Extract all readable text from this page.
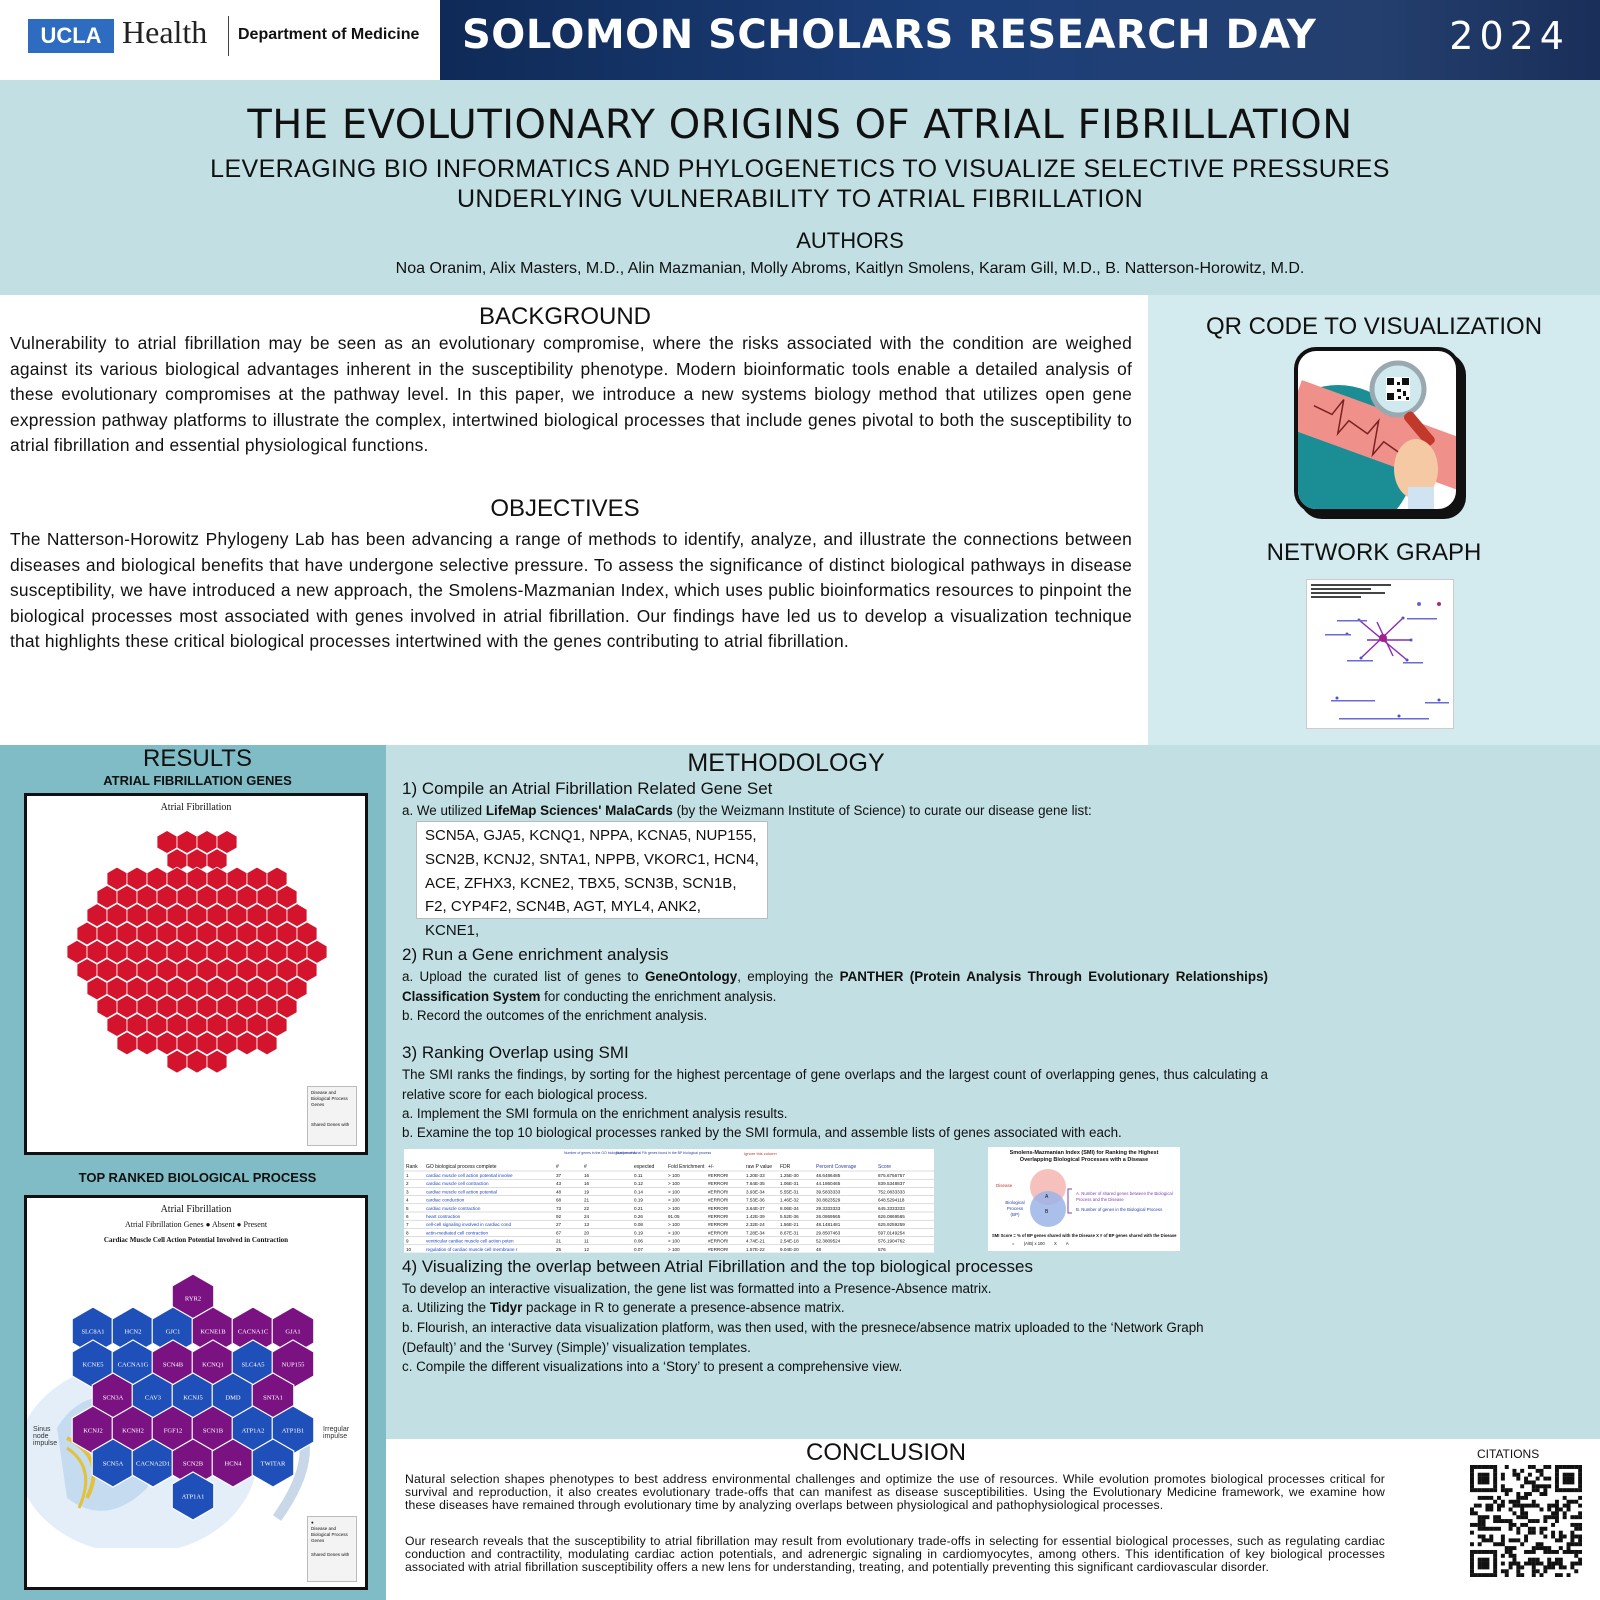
UCLA Health Department of Medicine SOLOMON SCHOLARS RESEARCH DAY	2024
THE EVOLUTIONARY ORIGINS OF ATRIAL FIBRILLATION
LEVERAGING BIO INFORMATICS AND PHYLOGENETICS TO VISUALIZE SELECTIVE PRESSURES UNDERLYING VULNERABILITY TO ATRIAL FIBRILLATION
AUTHORS
Noa Oranim, Alix Masters, M.D., Alin Mazmanian, Molly Abroms, Kaitlyn Smolens, Karam Gill, M.D., B. Natterson-Horowitz, M.D.
BACKGROUND
Vulnerability to atrial fibrillation may be seen as an evolutionary compromise, where the risks associated with the condition are weighed against its various biological advantages inherent in the susceptibility phenotype. Modern bioinformatic tools enable a detailed analysis of these evolutionary compromises at the pathway level. In this paper, we introduce a new systems biology method that utilizes open gene expression pathway platforms to illustrate the complex, intertwined biological processes that include genes pivotal to both the susceptibility to atrial fibrillation and essential physiological functions.
OBJECTIVES
The Natterson-Horowitz Phylogeny Lab has been advancing a range of methods to identify, analyze, and illustrate the connections between diseases and biological benefits that have undergone selective pressure. To assess the significance of distinct biological pathways in disease susceptibility, we have introduced a new approach, the Smolens-Mazmanian Index, which uses public bioinformatics resources to pinpoint the biological processes most associated with genes involved in atrial fibrillation. Our findings have led us to develop a visualization technique that highlights these critical biological processes intertwined with the genes contributing to atrial fibrillation.
QR CODE TO VISUALIZATION
NETWORK GRAPH
RESULTS
ATRIAL FIBRILLATION GENES
Atrial Fibrillation
Disease and Biological Process Genes
Shared Genes with
TOP RANKED BIOLOGICAL PROCESS
Atrial Fibrillation
Atrial Fibrillation Genes ● Absent ● Present
Cardiac Muscle Cell Action Potential Involved in Contraction
Sinus node impulse
Irregular impulse
RYR2
SLC8A1	HCN2	GJC1	KCNE1B CACNA1C	GJA1
KCNE5 CACNA1G SCN4B	KCNQ1	SLC4A5	NUP155
SCN3A	CAV3	KCNJ5	DMD	SNTA1
KCNJ2	KCNH2	FGF12	SCN1B	ATP1A2	ATP1B1
SCN5A CACNA2D1 SCN2B	HCN4	TWITAR
ATP1A1
●
Disease and Biological Process Genes
Shared Genes with
METHODOLOGY
1) Compile an Atrial Fibrillation Related Gene Set
a. We utilized LifeMap Sciences' MalaCards (by the Weizmann Institute of Science) to curate our disease gene list:
SCN5A, GJA5, KCNQ1, NPPA, KCNA5, NUP155,
SCN2B, KCNJ2, SNTA1, NPPB, VKORC1, HCN4,
ACE, ZFHX3, KCNE2, TBX5, SCN3B, SCN1B,
F2, CYP4F2, SCN4B, AGT, MYL4, ANK2, KCNE1,
2) Run a Gene enrichment analysis
a. Upload the curated list of genes to GeneOntology, employing the PANTHER (Protein Analysis Through Evolutionary Relationships) Classification System for conducting the enrichment analysis.
b. Record the outcomes of the enrichment analysis.
3) Ranking Overlap using SMI
The SMI ranks the findings, by sorting for the highest percentage of gene overlaps and the largest count of overlapping genes, thus calculating a relative score for each biological process.
a. Implement the SMI formula on the enrichment analysis results.
b. Examine the top 10 biological processes ranked by the SMI formula, and assemble lists of genes associated with each.
Number of genes in the GO biological process
Number of Atrial Fib genes found in the BP biological process	Ignore this column
Rank GO biological process complete	#	#	expected	Fold Enrichment +/-	raw P value FDR	Percent Coverage	Score
1	cardiac muscle cell action potential involve	37	16	0.11	> 100	#ERROR!	1.20E-33	1.25E-30	48.6486485	875.6756757
2	cardiac muscle cell contraction	43	16	0.12	> 100	#ERROR!	7.64E-35	1.06E-31	44.1860465	839.5348837
3	cardiac muscle cell action potential	48	19	0.14	> 100	#ERROR!	3.93E-34	5.55E-31	39.5833333	752.0833333
4	cardiac conduction	68	21	0.19	> 100	#ERROR!	7.53E-36	1.46E-32	30.8823529	648.5294118
5	cardiac muscle contraction	73	22	0.21	> 100	#ERROR!	3.64E-37	8.06E-34	29.3333333	645.3333333
6	heart contraction	92	24	0.26	91.05	#ERROR!	1.42E-39	5.52E-36	26.0869565	626.0869565
7	cell-cell signaling involved in cardiac cond	27	13	0.08	> 100	#ERROR!	2.32E-24	1.56E-21	48.1481481	625.9259259
8	actin-mediated cell contraction	67	20	0.19	> 100	#ERROR!	7.28E-34	8.67E-31	29.8507463	597.0149254
9	ventricular cardiac muscle cell action poten	21	11	0.06	> 100	#ERROR!	4.74E-21	2.54E-18	52.3809524	576.1904762
10	regulation of cardiac muscle cell membrane r	25	12	0.07	> 100	#ERROR!	1.57E-22	9.04E-20	48	576
Smolens-Mazmanian Index (SMI) for Ranking the Highest Overlapping Biological Processes with a Disease
Disease
Biological Process (BP)
A
B
A. Number of shared genes between the Biological Process and the Disease
B. Number of genes in the Biological Process
SMI Score = % of BP genes shared with the Disease X # of BP genes shared with the Disease
=        (A/B) x 100        X        A
4) Visualizing the overlap between Atrial Fibrillation and the top biological processes
To develop an interactive visualization, the gene list was formatted into a Presence-Absence matrix.
a. Utilizing the Tidyr package in R to generate a presence-absence matrix.
b. Flourish, an interactive data visualization platform, was then used, with the presnece/absence matrix uploaded to the ‘Network Graph (Default)’ and the ‘Survey (Simple)’ visualization templates.
c. Compile the different visualizations into a ‘Story’ to present a comprehensive view.
CONCLUSION
Natural selection shapes phenotypes to best address environmental challenges and optimize the use of resources. While evolution promotes biological processes critical for survival and reproduction, it also creates evolutionary trade-offs that can manifest as disease susceptibilities. Using the Evolutionary Medicine framework, we examine how these diseases have remained through evolutionary time by analyzing overlaps between physiological and pathophysiological processes.
Our research reveals that the susceptibility to atrial fibrillation may result from evolutionary trade-offs in selecting for essential biological processes, such as regulating cardiac conduction and contractility, modulating cardiac action potentials, and adrenergic signaling in cardiomyocytes, among others. This identification of key biological processes associated with atrial fibrillation susceptibility offers a new lens for understanding, treating, and potentially preventing this significant cardiovascular disorder.
CITATIONS
